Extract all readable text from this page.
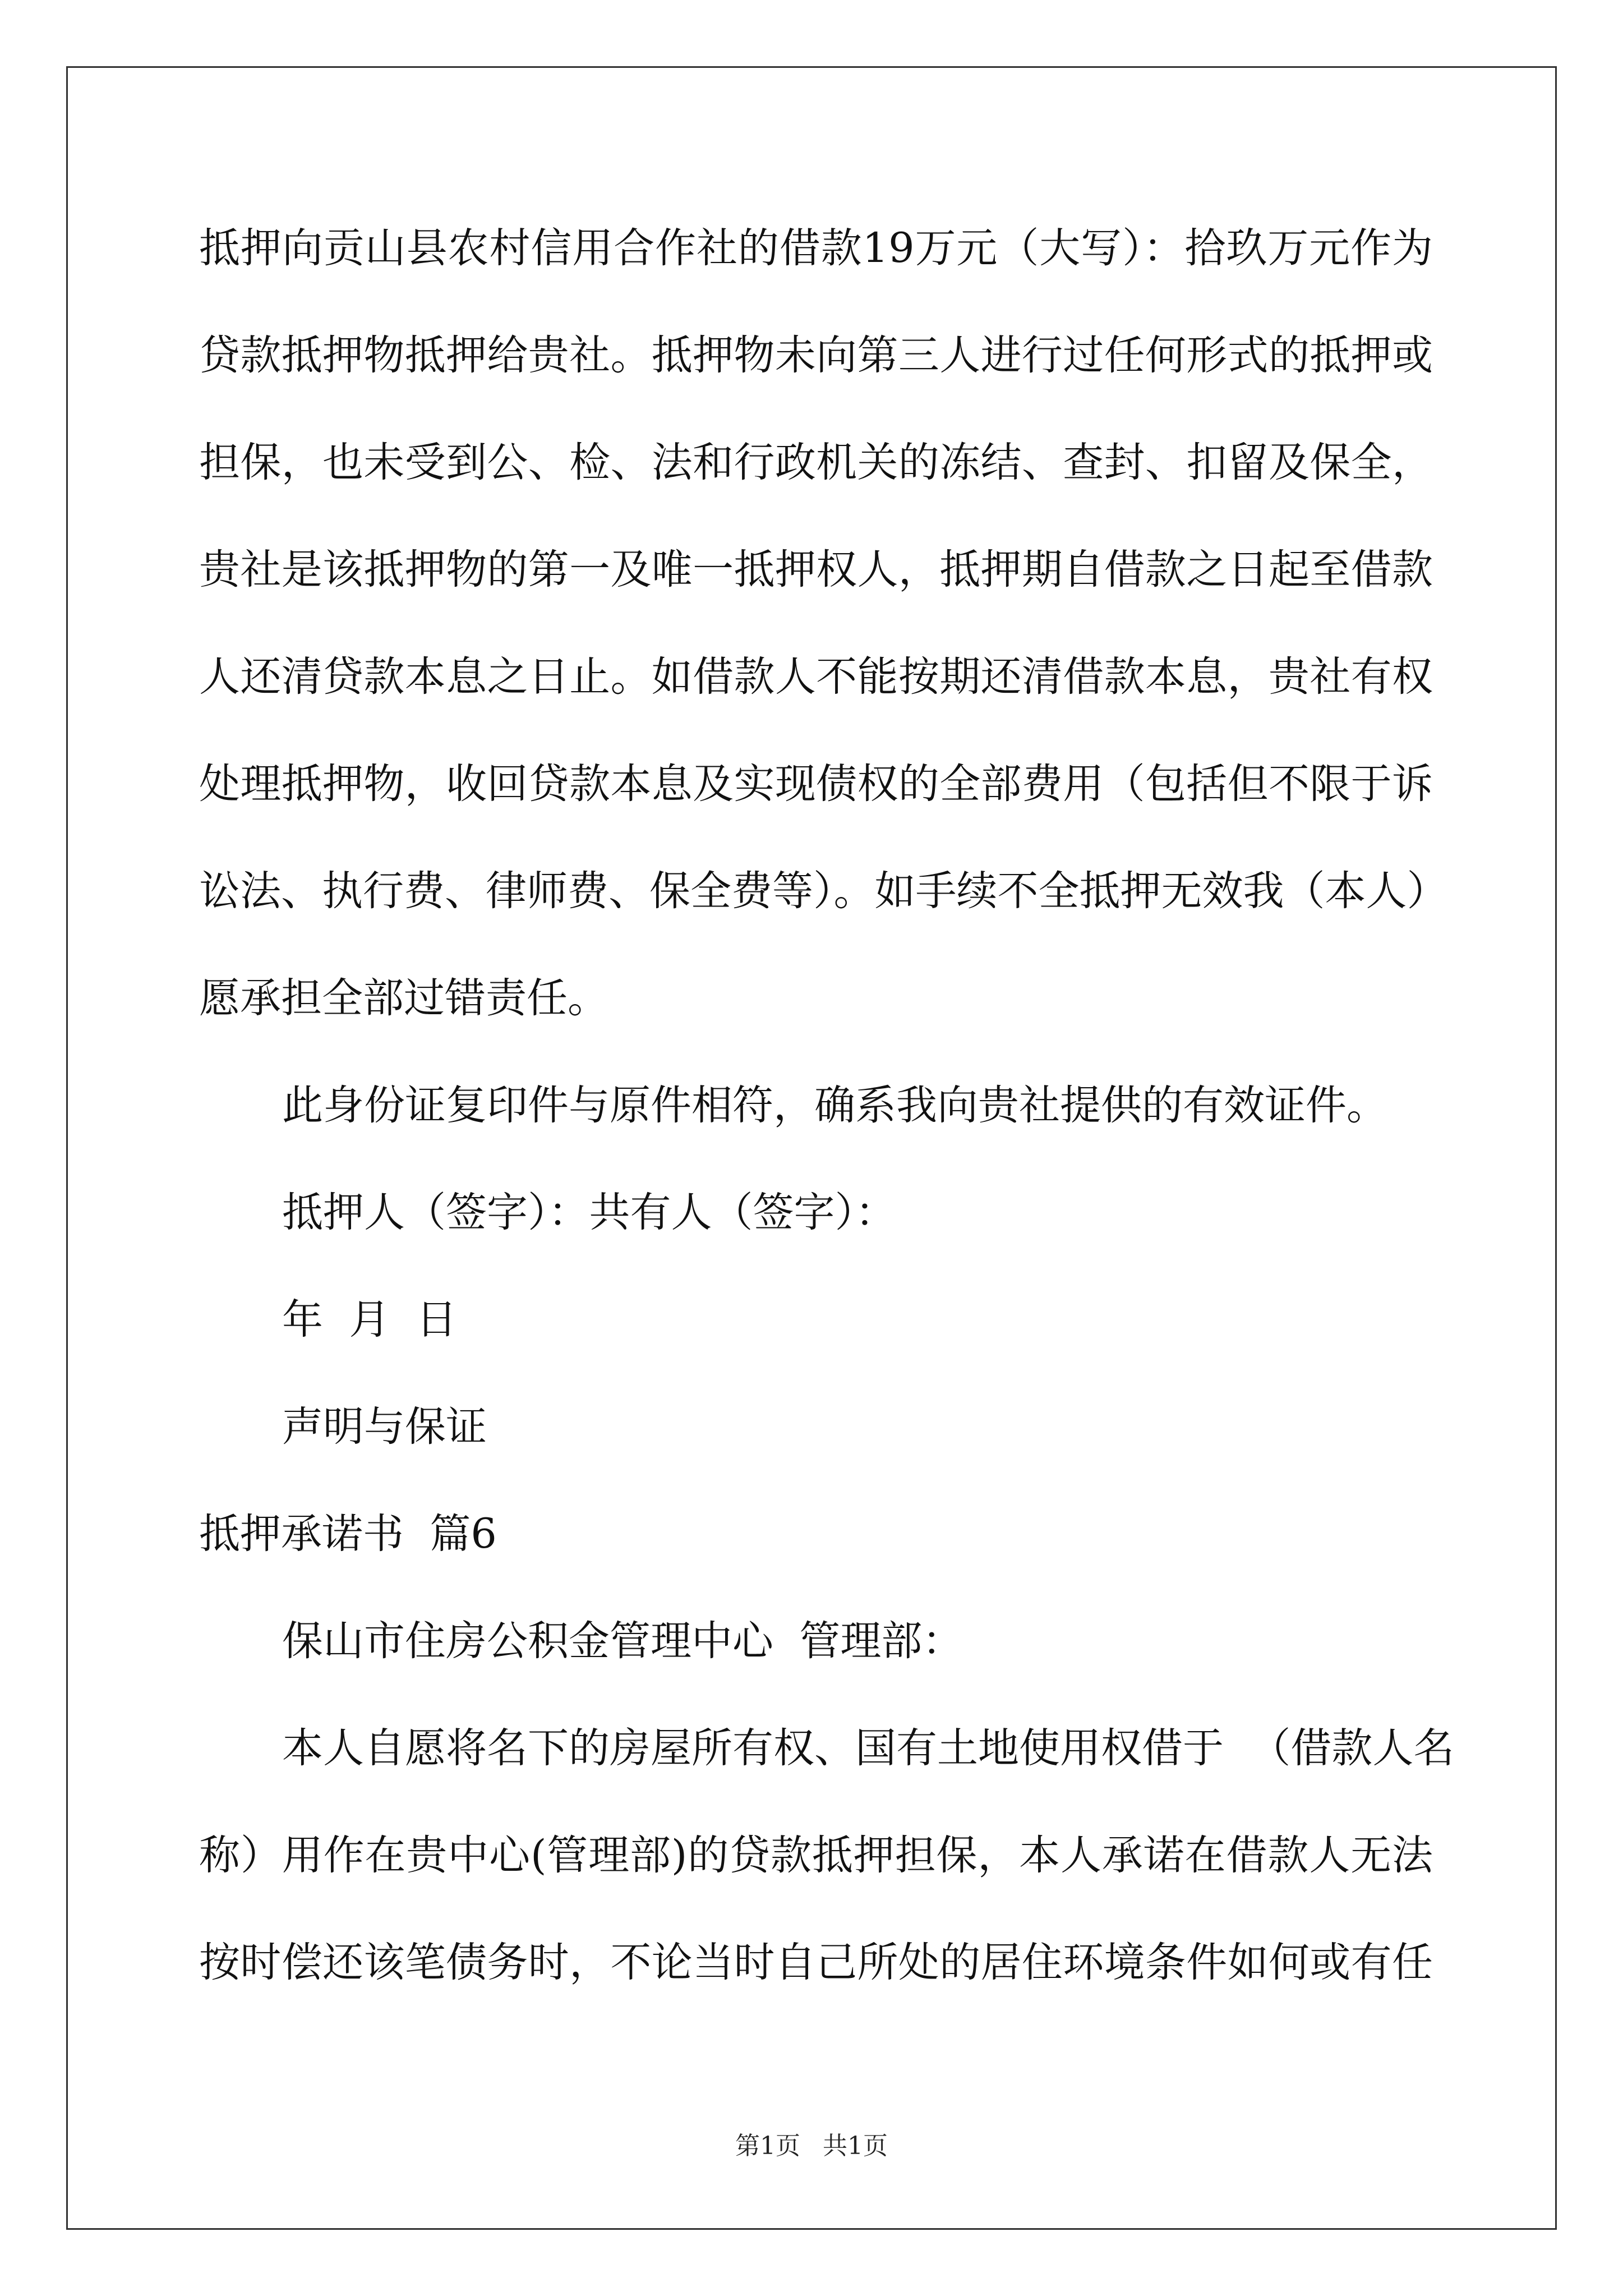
抵押向贡山县农村信用合作社的借款19万元（大写）：拾玖万元作为
贷款抵押物抵押给贵社。抵押物未向第三人进行过任何形式的抵押或
担保，也未受到公、检、法和行政机关的冻结、查封、扣留及保全，
贵社是该抵押物的第一及唯一抵押权人，抵押期自借款之日起至借款
人还清贷款本息之日止。如借款人不能按期还清借款本息，贵社有权
处理抵押物，收回贷款本息及实现债权的全部费用（包括但不限于诉
讼法、执行费、律师费、保全费等）。如手续不全抵押无效我（本人）
愿承担全部过错责任。
此身份证复印件与原件相符，确系我向贵社提供的有效证件。
抵押人（签字）：共有人（签字）：
年  月  日
声明与保证
抵押承诺书  篇6
保山市住房公积金管理中心  管理部：
本人自愿将名下的房屋所有权、国有土地使用权借于  （借款人名
称）用作在贵中心(管理部)的贷款抵押担保，本人承诺在借款人无法
按时偿还该笔债务时，不论当时自己所处的居住环境条件如何或有任
第1页 共1页
